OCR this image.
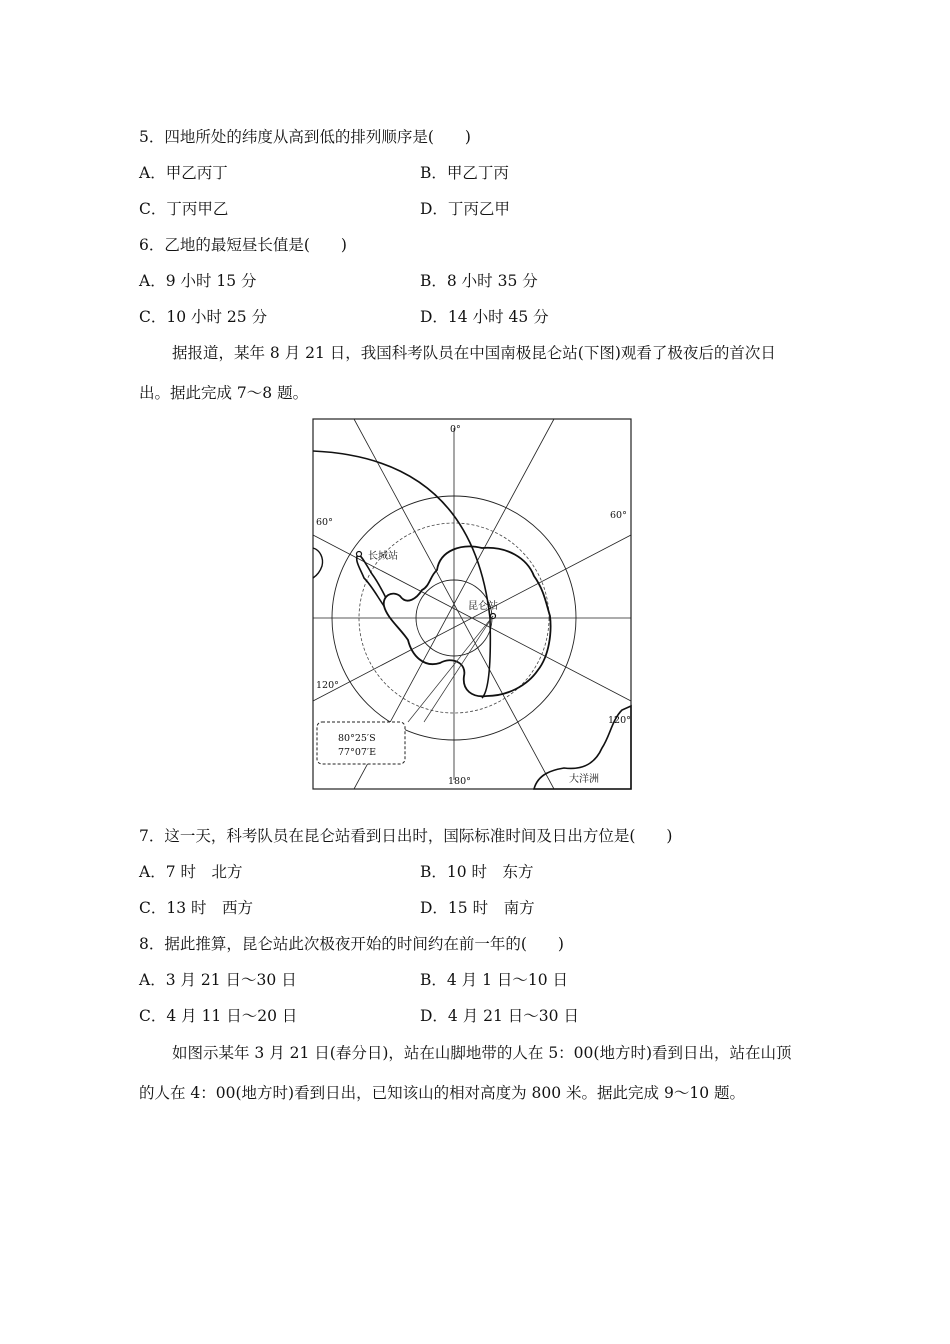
5．四地所处的纬度从高到低的排列顺序是(　　)
A．甲乙丙丁	B．甲乙丁丙
C．丁丙甲乙	D．丁丙乙甲
6．乙地的最短昼长值是(　　)
A．9 小时 15 分	B．8 小时 35 分
C．10 小时 25 分	D．14 小时 45 分
据报道，某年 8 月 21 日，我国科考队员在中国南极昆仑站(下图)观看了极夜后的首次日
出。据此完成 7～8 题。
0°
60°
60°
120°
120°
180°
长城站
昆仑站
大洋洲
80°25′S
77°07′E
7．这一天，科考队员在昆仑站看到日出时，国际标准时间及日出方位是(　　)
A．7 时　北方	B．10 时　东方
C．13 时　西方	D．15 时　南方
8．据此推算，昆仑站此次极夜开始的时间约在前一年的(　　)
A．3 月 21 日～30 日	B．4 月 1 日～10 日
C．4 月 11 日～20 日	D．4 月 21 日～30 日
如图示某年 3 月 21 日(春分日)，站在山脚地带的人在 5：00(地方时)看到日出，站在山顶
的人在 4：00(地方时)看到日出，已知该山的相对高度为 800 米。据此完成 9～10 题。
